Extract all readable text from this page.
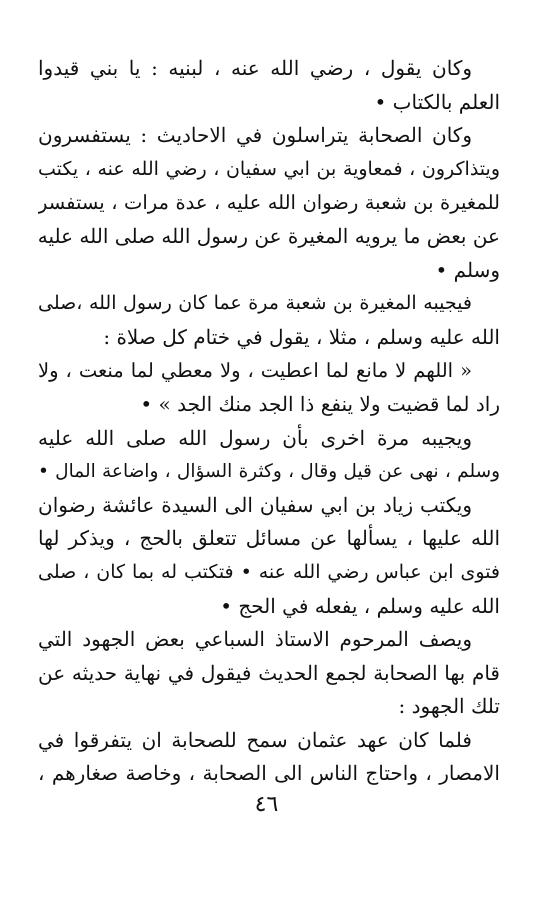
وكان يقول ، رضي الله عنه ، لبنيه : يا بني قيدوا
العلم بالكتاب •
وكان الصحابة يتراسلون في الاحاديث : يستفسرون
ويتذاكرون ، فمعاوية بن ابي سفيان ، رضي الله عنه ، يكتب
للمغيرة بن شعبة رضوان الله عليه ، عدة مرات ، يستفسر
عن بعض ما يرويه المغيرة عن رسول الله صلى الله عليه
وسلم •
فيجيبه المغيرة بن شعبة مرة عما كان رسول الله ،صلى
الله عليه وسلم ، مثلا ، يقول في ختام كل صلاة :
« اللهم لا مانع لما اعطيت ، ولا معطي لما منعت ، ولا
راد لما قضيت ولا ينفع ذا الجد منك الجد » •
ويجيبه مرة اخرى بأن رسول الله صلى الله عليه
وسلم ، نهى عن قيل وقال ، وكثرة السؤال ، واضاعة المال •
ويكتب زياد بن ابي سفيان الى السيدة عائشة رضوان
الله عليها ، يسألها عن مسائل تتعلق بالحج ، ويذكر لها
فتوى ابن عباس رضي الله عنه • فتكتب له بما كان ، صلى
الله عليه وسلم ، يفعله في الحج •
ويصف المرحوم الاستاذ السباعي بعض الجهود التي
قام بها الصحابة لجمع الحديث فيقول في نهاية حديثه عن
تلك الجهود :
فلما كان عهد عثمان سمح للصحابة ان يتفرقوا في
الامصار ، واحتاج الناس الى الصحابة ، وخاصة صغارهم ،
٤٦
